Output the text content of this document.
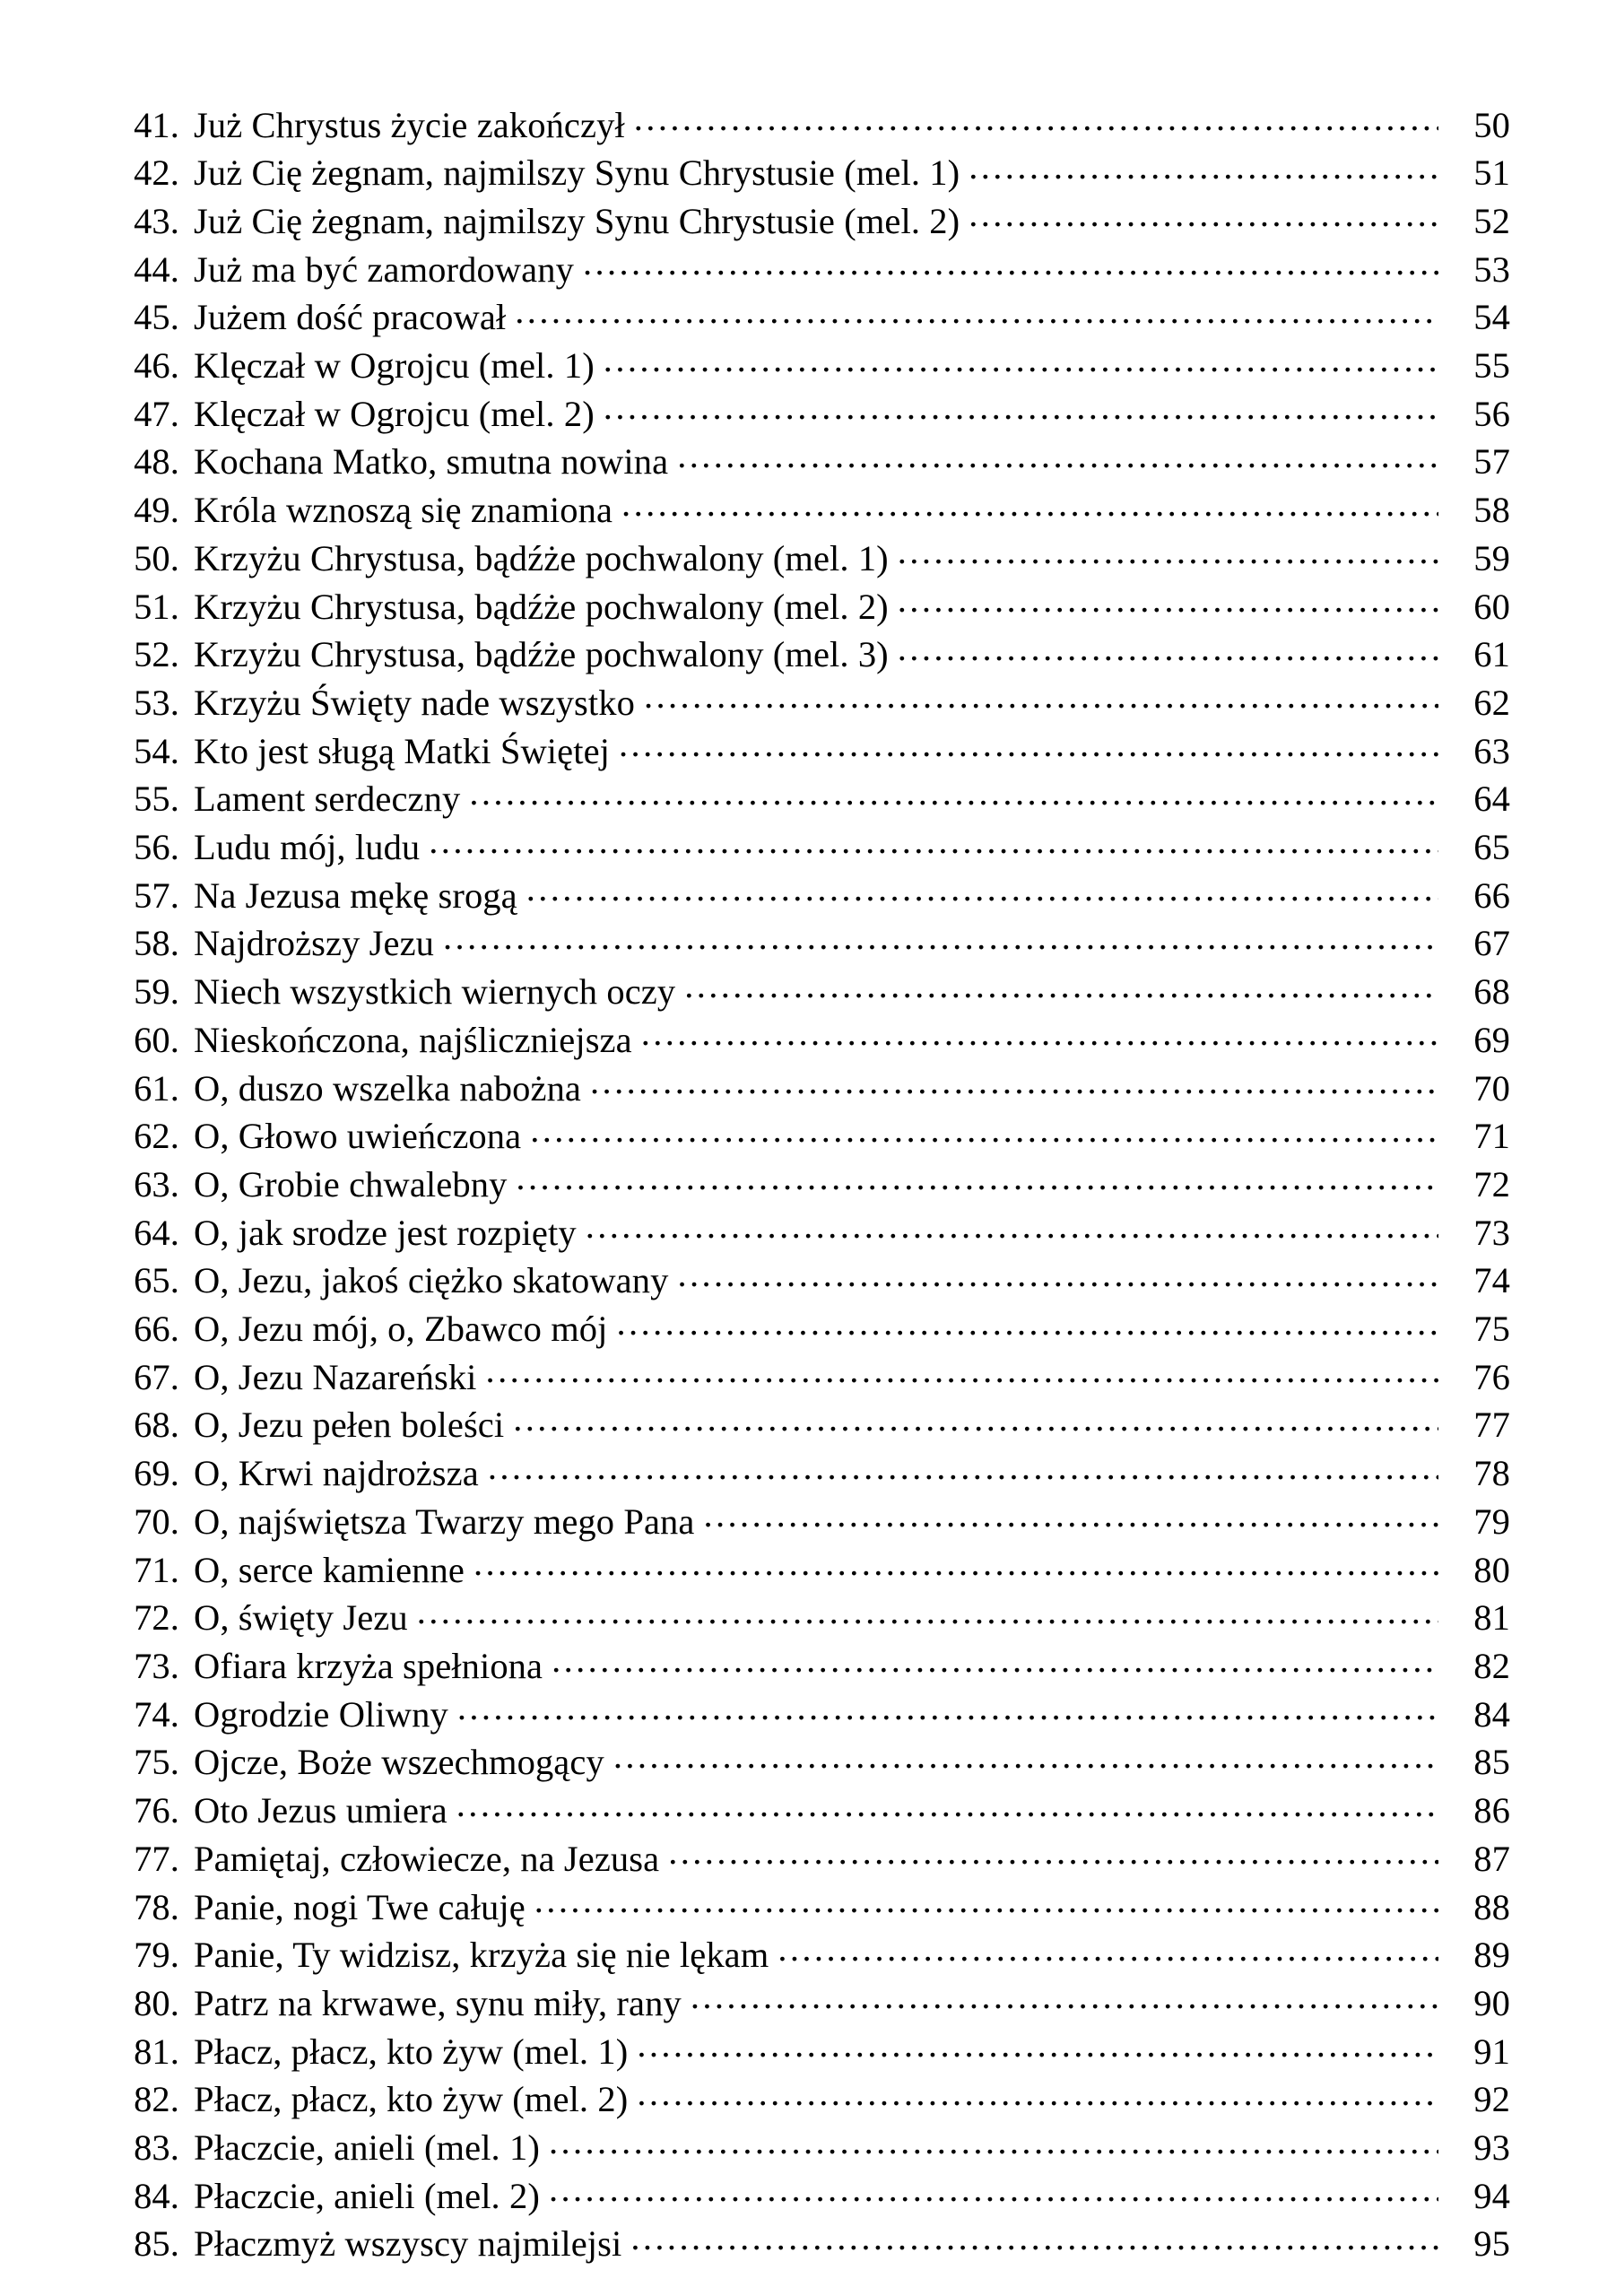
41. Już Chrystus życie zakończył .....	50
42. Już Cię żegnam, najmilszy Synu Chrystusie (mel. 1) .....	51
43. Już Cię żegnam, najmilszy Synu Chrystusie (mel. 2) .....	52
44. Już ma być zamordowany .....	53
45. Jużem dość pracował .....	54
46. Klęczał w Ogrojcu (mel. 1) .....	55
47. Klęczał w Ogrojcu (mel. 2) .....	56
48. Kochana Matko, smutna nowina .....	57
49. Króla wznoszą się znamiona .....	58
50. Krzyżu Chrystusa, bądźże pochwalony (mel. 1) .....	59
51. Krzyżu Chrystusa, bądźże pochwalony (mel. 2) .....	60
52. Krzyżu Chrystusa, bądźże pochwalony (mel. 3) .....	61
53. Krzyżu Święty nade wszystko .....	62
54. Kto jest sługą Matki Świętej .....	63
55. Lament serdeczny .....	64
56. Ludu mój, ludu .....	65
57. Na Jezusa mękę srogą .....	66
58. Najdroższy Jezu .....	67
59. Niech wszystkich wiernych oczy .....	68
60. Nieskończona, najśliczniejsza .....	69
61. O, duszo wszelka nabożna .....	70
62. O, Głowo uwieńczona .....	71
63. O, Grobie chwalebny .....	72
64. O, jak srodze jest rozpięty .....	73
65. O, Jezu, jakoś ciężko skatowany .....	74
66. O, Jezu mój, o, Zbawco mój .....	75
67. O, Jezu Nazareński .....	76
68. O, Jezu pełen boleści .....	77
69. O, Krwi najdroższa .....	78
70. O, najświętsza Twarzy mego Pana .....	79
71. O, serce kamienne .....	80
72. O, święty Jezu .....	81
73. Ofiara krzyża spełniona .....	82
74. Ogrodzie Oliwny .....	84
75. Ojcze, Boże wszechmogący .....	85
76. Oto Jezus umiera .....	86
77. Pamiętaj, człowiecze, na Jezusa .....	87
78. Panie, nogi Twe całuję .....	88
79. Panie, Ty widzisz, krzyża się nie lękam .....	89
80. Patrz na krwawe, synu miły, rany .....	90
81. Płacz, płacz, kto żyw (mel. 1) .....	91
82. Płacz, płacz, kto żyw (mel. 2) .....	92
83. Płaczcie, anieli (mel. 1) .....	93
84. Płaczcie, anieli (mel. 2) .....	94
85. Płaczmyż wszyscy najmilejsi .....	95
